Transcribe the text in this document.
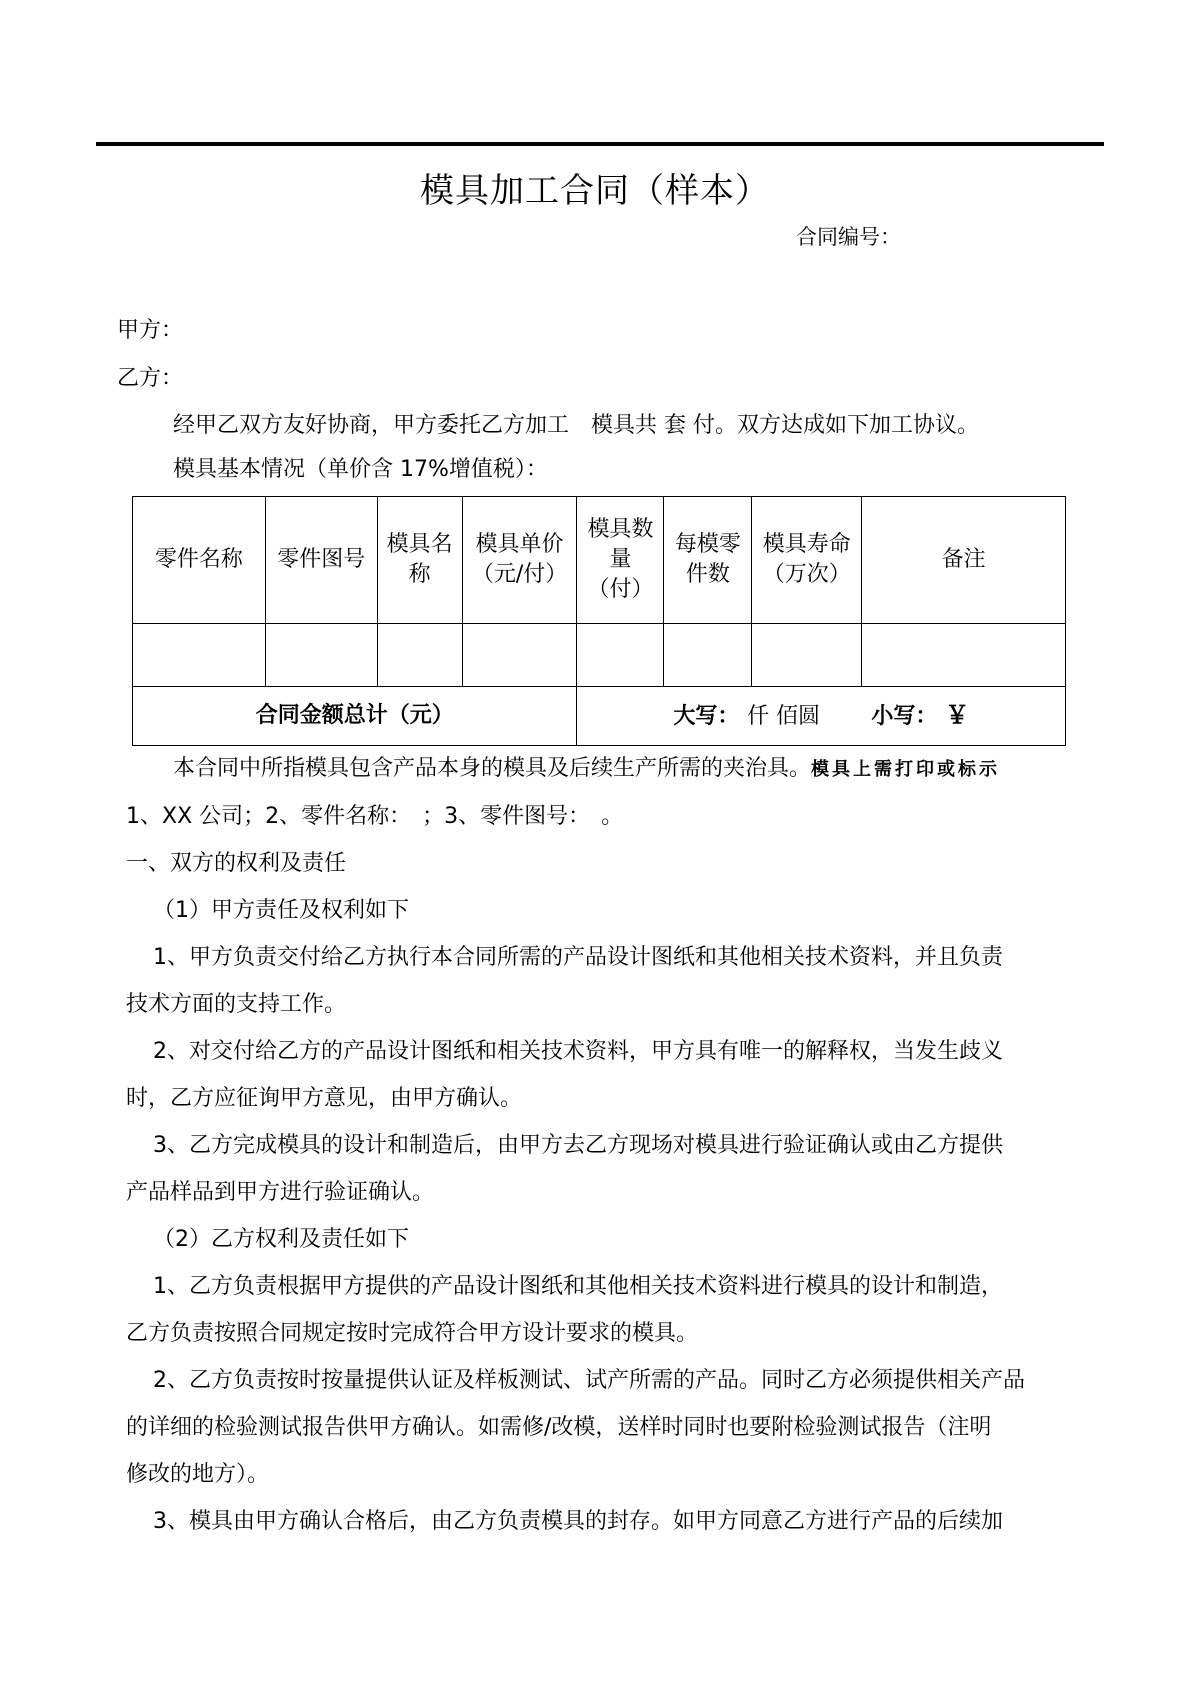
模具加工合同（样本）
合同编号：
甲方：
乙方：
经甲乙双方友好协商，甲方委托乙方加工　模具共 套 付。双方达成如下加工协议。
模具基本情况（单价含 17%增值税）：
零件名称	零件图号	模具名称	模具单价（元/付）	模具数量（付）	每模零件数	模具寿命（万次）	备注

合同金额总计（元）				大写： 仟 佰圆 小写： ￥			
本合同中所指模具包含产品本身的模具及后续生产所需的夹治具。模具上需打印或标示
1、XX 公司；2、零件名称：　；3、零件图号：　。
一、双方的权利及责任
（1）甲方责任及权利如下
1、甲方负责交付给乙方执行本合同所需的产品设计图纸和其他相关技术资料，并且负责
技术方面的支持工作。
2、对交付给乙方的产品设计图纸和相关技术资料，甲方具有唯一的解释权，当发生歧义
时，乙方应征询甲方意见，由甲方确认。
3、乙方完成模具的设计和制造后，由甲方去乙方现场对模具进行验证确认或由乙方提供
产品样品到甲方进行验证确认。
（2）乙方权利及责任如下
1、乙方负责根据甲方提供的产品设计图纸和其他相关技术资料进行模具的设计和制造，
乙方负责按照合同规定按时完成符合甲方设计要求的模具。
2、乙方负责按时按量提供认证及样板测试、试产所需的产品。同时乙方必须提供相关产品
的详细的检验测试报告供甲方确认。如需修/改模，送样时同时也要附检验测试报告（注明
修改的地方）。
3、模具由甲方确认合格后，由乙方负责模具的封存。如甲方同意乙方进行产品的后续加
